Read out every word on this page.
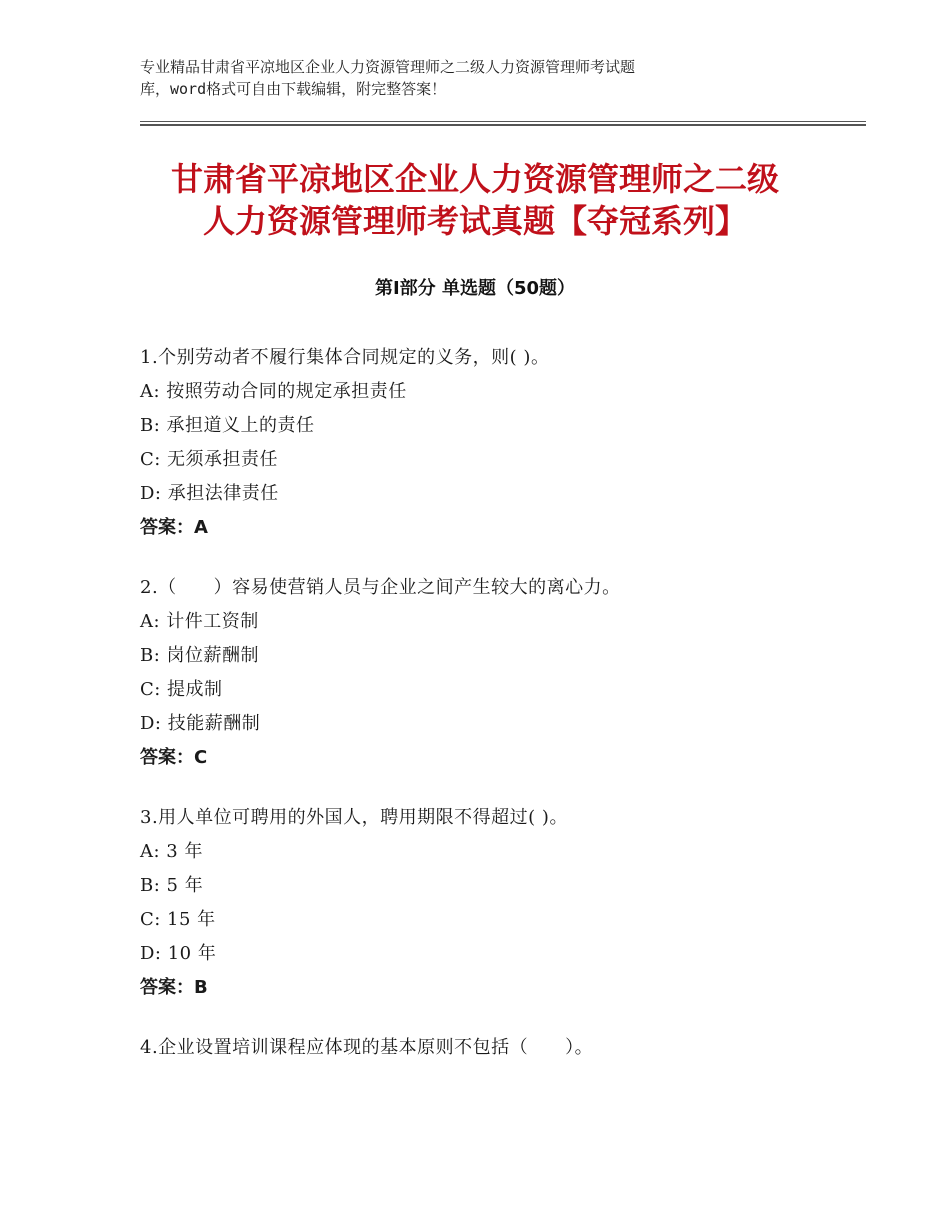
专业精品甘肃省平凉地区企业人力资源管理师之二级人力资源管理师考试题
库，word格式可自由下载编辑，附完整答案！
甘肃省平凉地区企业人力资源管理师之二级
人力资源管理师考试真题【夺冠系列】
第Ⅰ部分 单选题（50题）
1.个别劳动者不履行集体合同规定的义务，则( )。
A: 按照劳动合同的规定承担责任
B: 承担道义上的责任
C: 无须承担责任
D: 承担法律责任
答案：A
2.（　　）容易使营销人员与企业之间产生较大的离心力。
A: 计件工资制
B: 岗位薪酬制
C: 提成制
D: 技能薪酬制
答案：C
3.用人单位可聘用的外国人，聘用期限不得超过( )。
A: 3 年
B: 5 年
C: 15 年
D: 10 年
答案：B
4.企业设置培训课程应体现的基本原则不包括（　　）。
